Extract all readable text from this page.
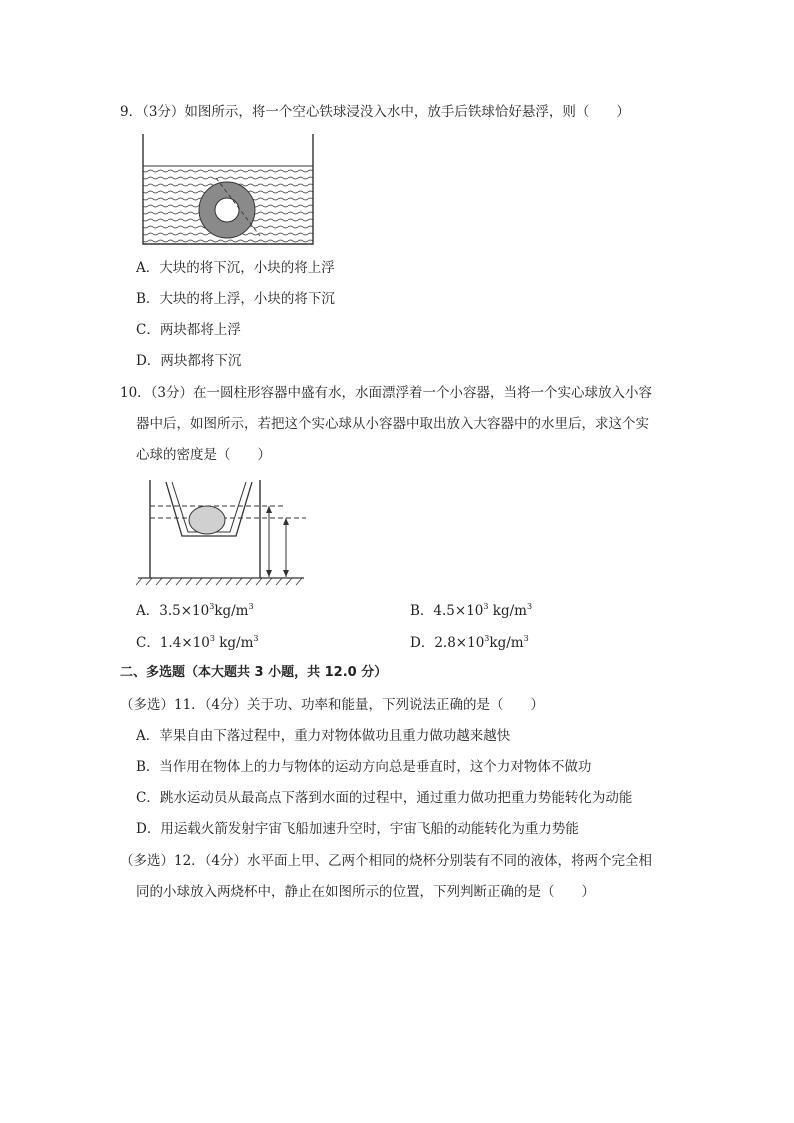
9．（3分）如图所示，将一个空心铁球浸没入水中，放手后铁球恰好悬浮，则（　　）
A．大块的将下沉，小块的将上浮
B．大块的将上浮，小块的将下沉
C．两块都将上浮
D．两块都将下沉
10．（3分）在一圆柱形容器中盛有水，水面漂浮着一个小容器，当将一个实心球放入小容
器中后，如图所示，若把这个实心球从小容器中取出放入大容器中的水里后，求这个实
心球的密度是（　　）
A．$3.5\times 10^3kg/m^3$	B．$4.5\times 10^3$ $kg/m^3$
C．$1.4\times 10^3$ $kg/m^3$	D．$2.8\times 10^3kg/m^3$
二、多选题（本大题共 3 小题，共 12.0 分）
（多选）11．（4分）关于功、功率和能量，下列说法正确的是（　　）
A．苹果自由下落过程中，重力对物体做功且重力做功越来越快
B．当作用在物体上的力与物体的运动方向总是垂直时，这个力对物体不做功
C．跳水运动员从最高点下落到水面的过程中，通过重力做功把重力势能转化为动能
D．用运载火箭发射宇宙飞船加速升空时，宇宙飞船的动能转化为重力势能
（多选）12．（4分）水平面上甲、乙两个相同的烧杯分别装有不同的液体，将两个完全相
同的小球放入两烧杯中，静止在如图所示的位置，下列判断正确的是（　　）
